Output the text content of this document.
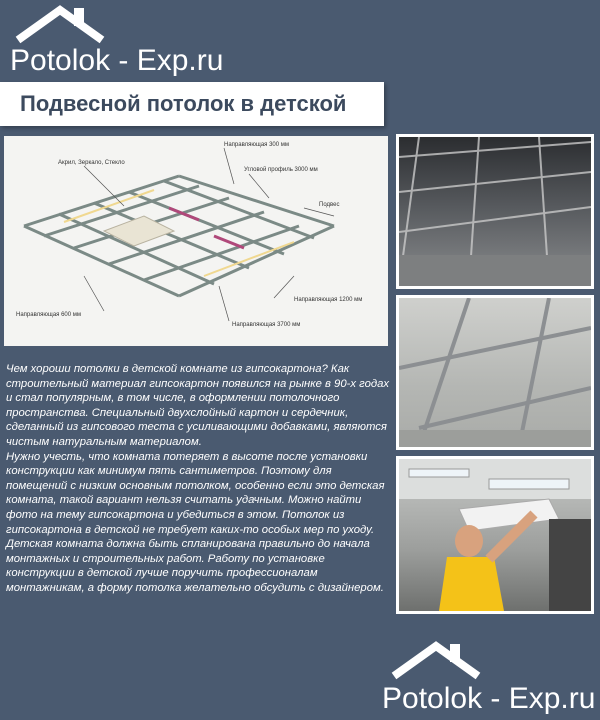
Potolok - Exp.ru
Подвесной потолок в детской
Акрил, Зеркало, Стекло
Направляющая 300 мм
Угловой профиль 3000 мм
Подвес
Направляющая 1200 мм
Направляющая 600 мм
Направляющая 3700 мм

Чем хороши потолки в детской комнате из гипсокартона? Как строительный материал гипсокартон появился на рынке в 90-х годах и стал популярным, в том числе, в оформлении потолочного пространства. Специальный двухслойный картон и сердечник, сделанный из гипсового теста с усиливающими добавками, являются чистым натуральным материалом.

Нужно учесть, что комната потеряет в высоте после установки конструкции как минимум пять сантиметров. Поэтому для помещений с низким основным потолком, особенно если это детская комната, такой вариант нельзя считать удачным. Можно найти фото на тему гипсокартона и убедиться в этом. Потолок из гипсокартона в детской не требует каких-то особых мер по уходу. Детская комната должна быть спланирована правильно до начала монтажных и строительных работ. Работу по установке конструкции в детской лучше поручить профессионалам монтажникам, а форму потолка желательно обсудить с дизайнером.

Potolok - Exp.ru
